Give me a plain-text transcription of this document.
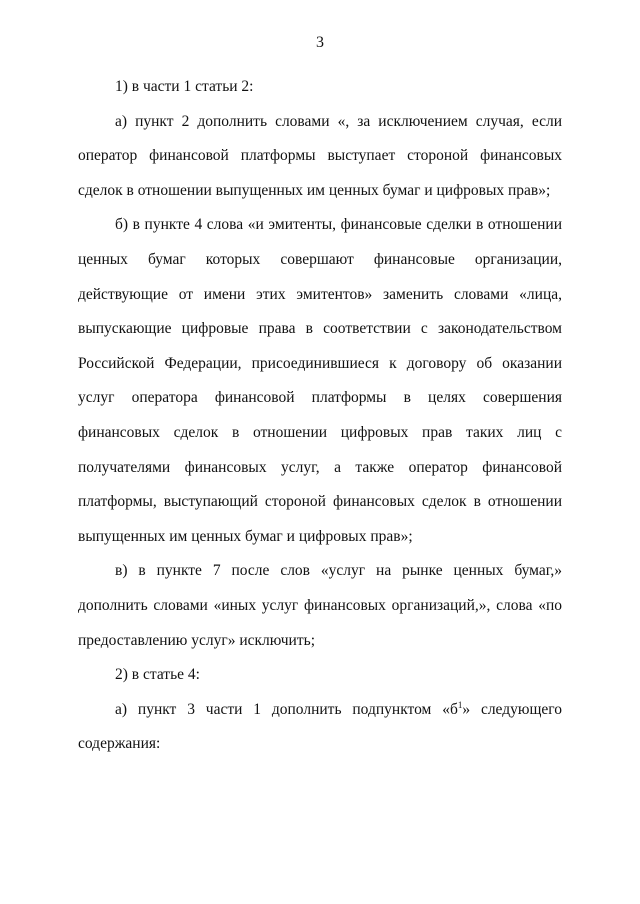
3

1) в части 1 статьи 2:

а) пункт 2 дополнить словами «, за исключением случая, если оператор финансовой платформы выступает стороной финансовых сделок в отношении выпущенных им ценных бумаг и цифровых прав»;

б) в пункте 4 слова «и эмитенты, финансовые сделки в отношении ценных бумаг которых совершают финансовые организации, действующие от имени этих эмитентов» заменить словами «лица, выпускающие цифровые права в соответствии с законодательством Российской Федерации, присоединившиеся к договору об оказании услуг оператора финансовой платформы в целях совершения финансовых сделок в отношении цифровых прав таких лиц с получателями финансовых услуг, а также оператор финансовой платформы, выступающий стороной финансовых сделок в отношении выпущенных им ценных бумаг и цифровых прав»;

в) в пункте 7 после слов «услуг на рынке ценных бумаг,» дополнить словами «иных услуг финансовых организаций,», слова «по предоставлению услуг» исключить;

2) в статье 4:

а) пункт 3 части 1 дополнить подпунктом «$б^1$» следующего содержания:
